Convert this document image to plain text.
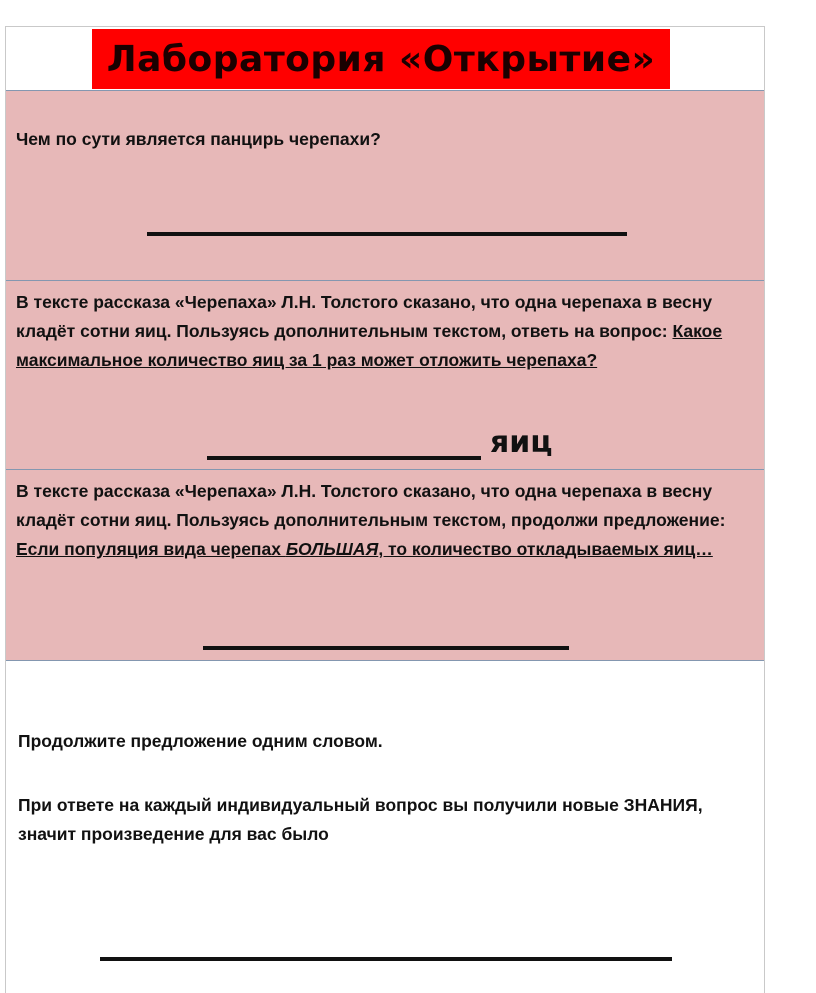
Лаборатория «Открытие»
Чем по сути является панцирь черепахи?
В тексте рассказа «Черепаха» Л.Н. Толстого сказано, что одна черепаха в весну кладёт сотни яиц. Пользуясь дополнительным текстом, ответь на вопрос: Какое максимальное количество яиц за 1 раз может отложить черепаха?
яиц
В тексте рассказа «Черепаха» Л.Н. Толстого сказано, что одна черепаха в весну кладёт сотни яиц. Пользуясь дополнительным текстом, продолжи предложение: Если популяция вида черепах БОЛЬШАЯ, то количество откладываемых яиц…
Продолжите предложение одним словом.
При ответе на каждый индивидуальный вопрос вы получили новые ЗНАНИЯ, значит произведение для вас было
